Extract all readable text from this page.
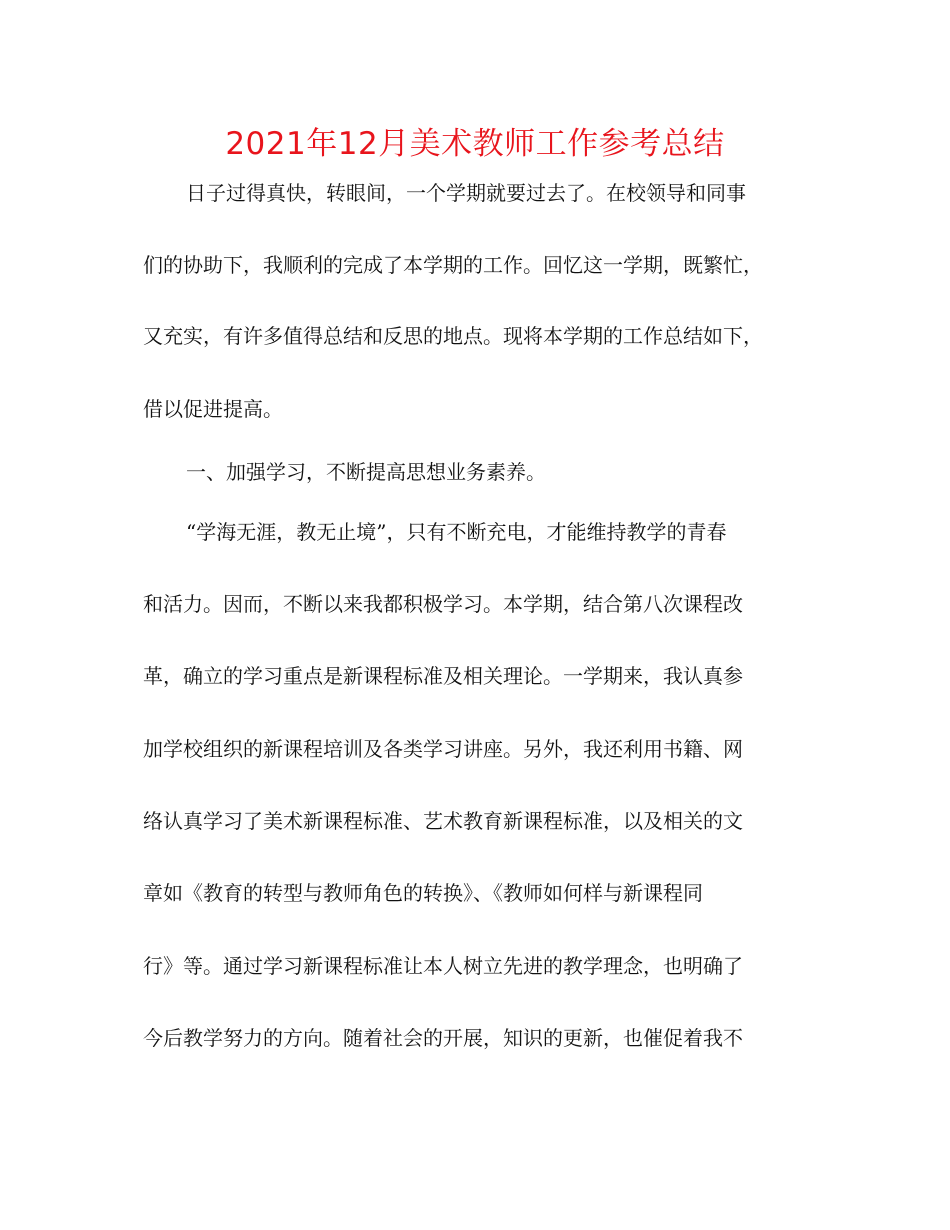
2021年12月美术教师工作参考总结
日子过得真快，转眼间，一个学期就要过去了。在校领导和同事
们的协助下，我顺利的完成了本学期的工作。回忆这一学期，既繁忙，
又充实，有许多值得总结和反思的地点。现将本学期的工作总结如下，
借以促进提高。
一、加强学习，不断提高思想业务素养。
“学海无涯，教无止境”，只有不断充电，才能维持教学的青春
和活力。因而，不断以来我都积极学习。本学期，结合第八次课程改
革，确立的学习重点是新课程标准及相关理论。一学期来，我认真参
加学校组织的新课程培训及各类学习讲座。另外，我还利用书籍、网
络认真学习了美术新课程标准、艺术教育新课程标准，以及相关的文
章如《教育的转型与教师角色的转换》、《教师如何样与新课程同
行》等。通过学习新课程标准让本人树立先进的教学理念，也明确了
今后教学努力的方向。随着社会的开展，知识的更新，也催促着我不
